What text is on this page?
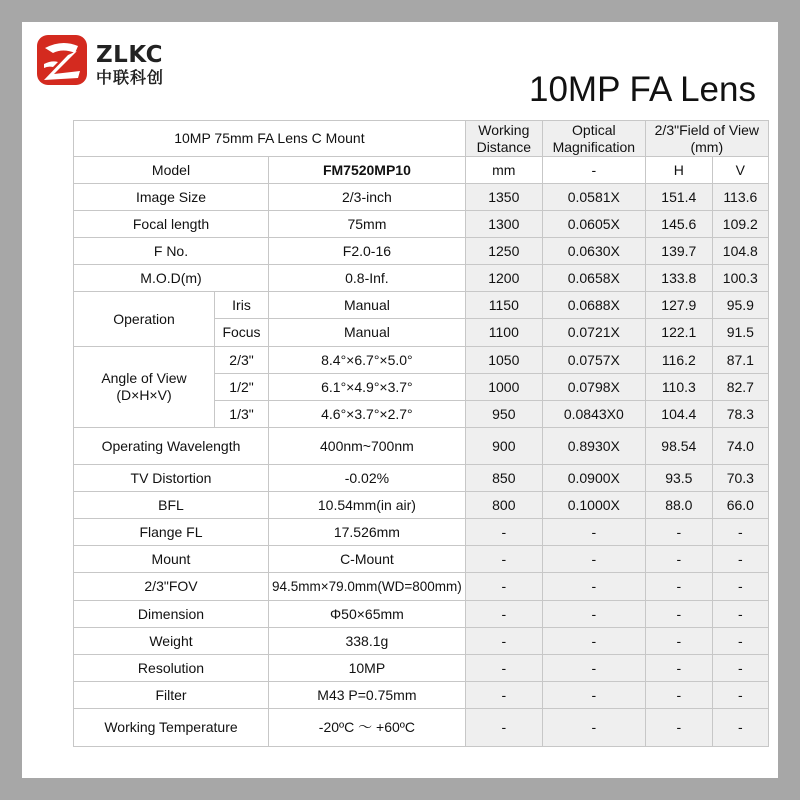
ZLKC
中联科创	10MP FA Lens
10MP 75mm FA Lens C Mount			Working Distance	Optical Magnification	2/3"Field of View (mm)	
Model		FM7520MP10	mm	-	H	V
Image Size		2/3-inch	1350	0.0581X	151.4	113.6
Focal length		75mm	1300	0.0605X	145.6	109.2
F No.		F2.0-16	1250	0.0630X	139.7	104.8
M.O.D(m)		0.8-Inf.	1200	0.0658X	133.8	100.3
Operation	Iris	Manual	1150	0.0688X	127.9	95.9
	Focus	Manual	1100	0.0721X	122.1	91.5
Angle of View (D×H×V)	2/3"	8.4°×6.7°×5.0°	1050	0.0757X	116.2	87.1
	1/2"	6.1°×4.9°×3.7°	1000	0.0798X	110.3	82.7
	1/3"	4.6°×3.7°×2.7°	950	0.0843X0	104.4	78.3
Operating Wavelength		400nm~700nm	900	0.8930X	98.54	74.0
TV Distortion		-0.02%	850	0.0900X	93.5	70.3
BFL		10.54mm(in air)	800	0.1000X	88.0	66.0
Flange FL		17.526mm	-	-	-	-
Mount		C-Mount	-	-	-	-
2/3"FOV		94.5mm×79.0mm(WD=800mm)	-	-	-	-
Dimension		Φ50×65mm	-	-	-	-
Weight		338.1g	-	-	-	-
Resolution		10MP	-	-	-	-
Filter		M43 P=0.75mm	-	-	-	-
Working Temperature		-20ºC ～ +60ºC	-	-	-	-
